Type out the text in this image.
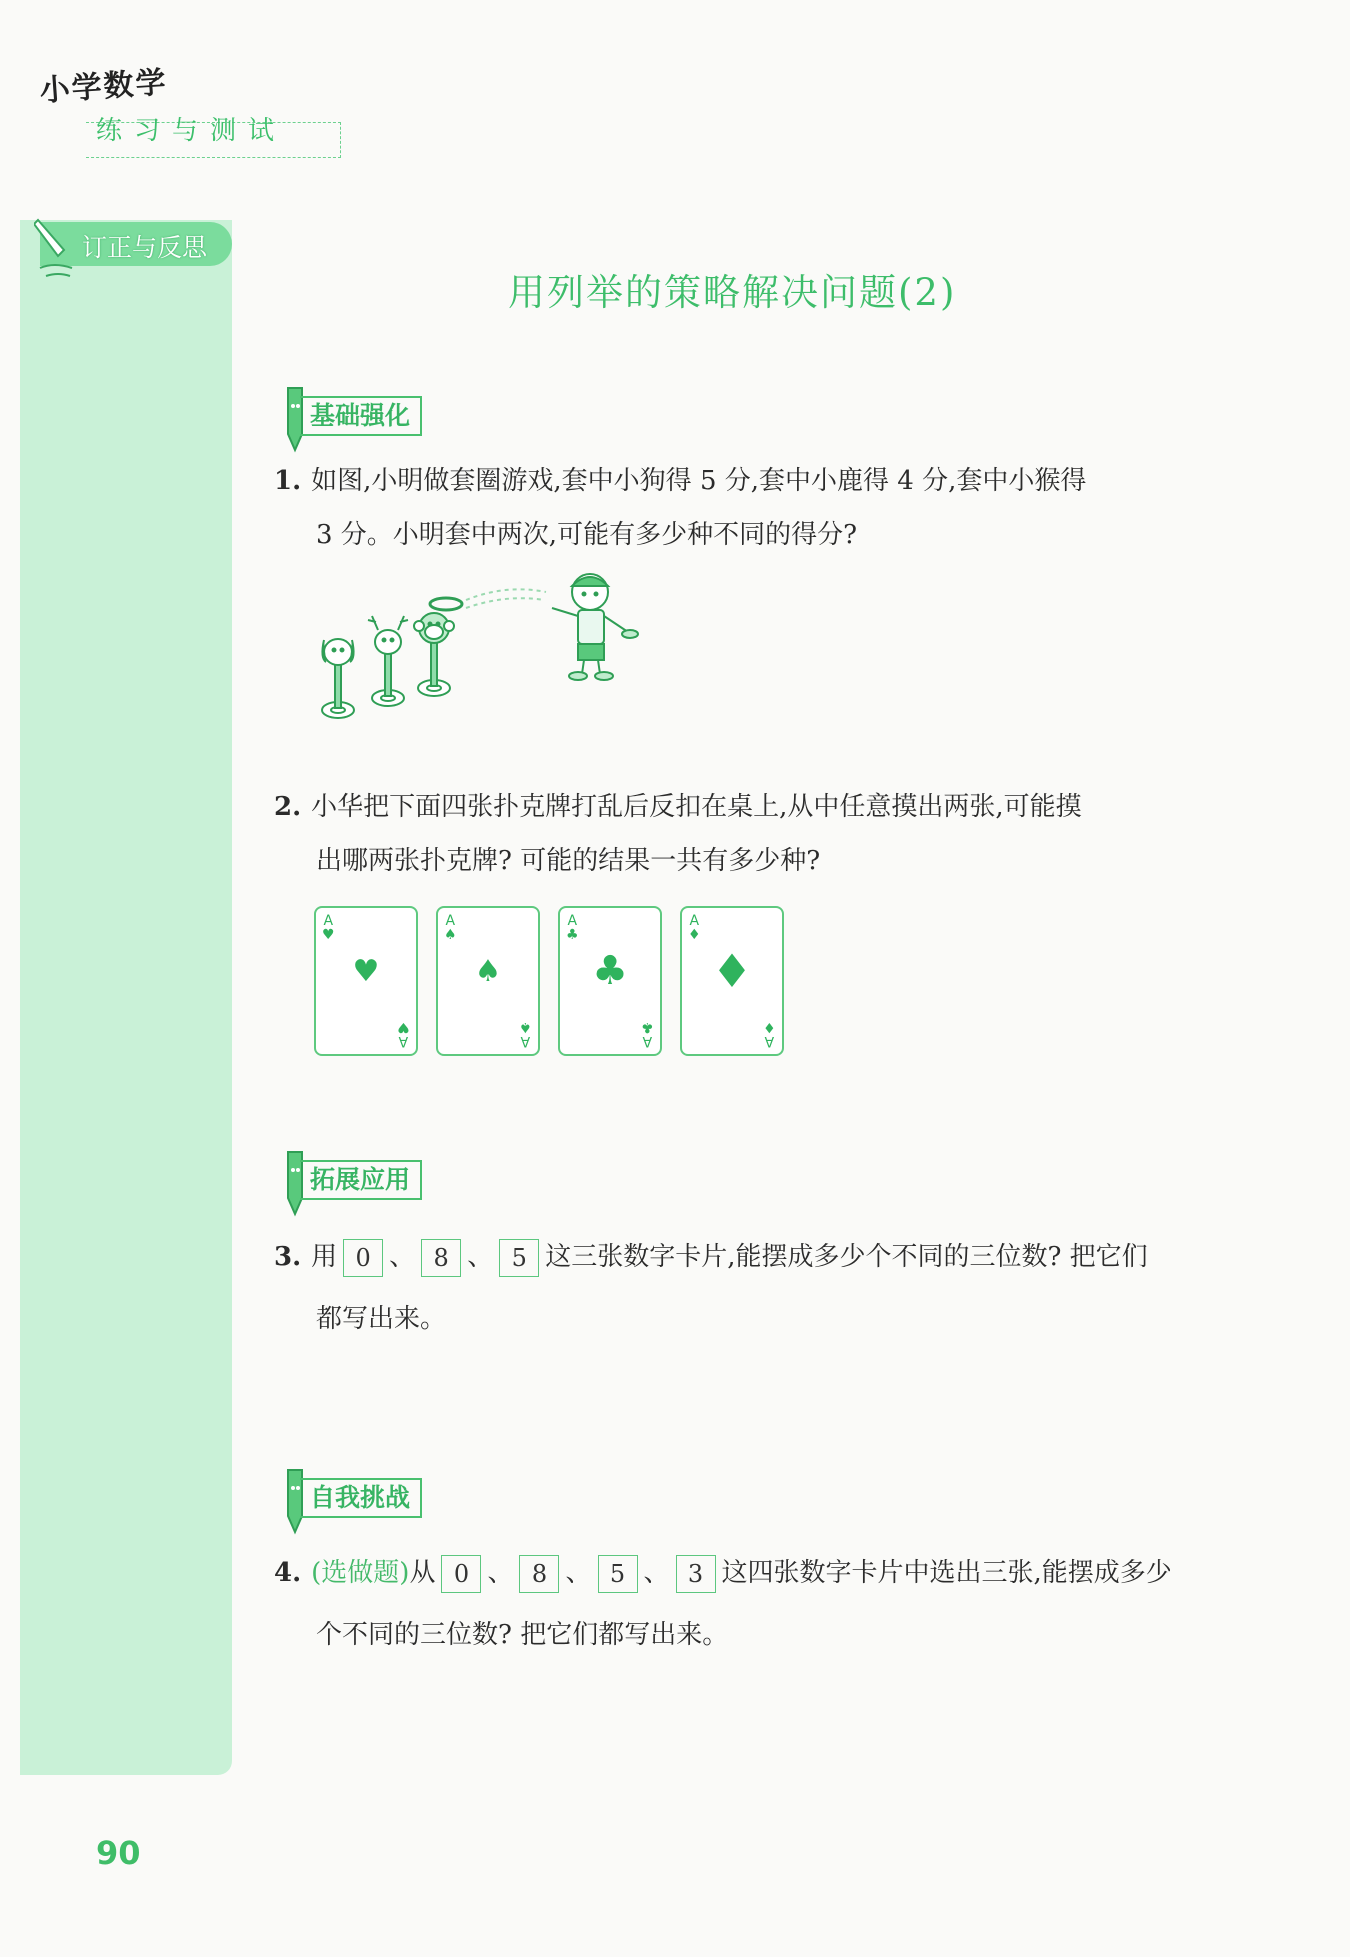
小学数学
练习与测试
订正与反思
用列举的策略解决问题(2)
基础强化
1. 如图,小明做套圈游戏,套中小狗得 5 分,套中小鹿得 4 分,套中小猴得
3 分。小明套中两次,可能有多少种不同的得分?
2. 小华把下面四张扑克牌打乱后反扣在桌上,从中任意摸出两张,可能摸
出哪两张扑克牌? 可能的结果一共有多少种?
A
♥
♥
A
♥
A
♠
♠
A
♠
A
♣
♣
A
♣
A
♦
♦
A
♦
拓展应用
3. 用 0 、 8 、 5 这三张数字卡片,能摆成多少个不同的三位数? 把它们
都写出来。
自我挑战
4. (选做题)从 0 、 8 、 5 、 3 这四张数字卡片中选出三张,能摆成多少
个不同的三位数? 把它们都写出来。
90
